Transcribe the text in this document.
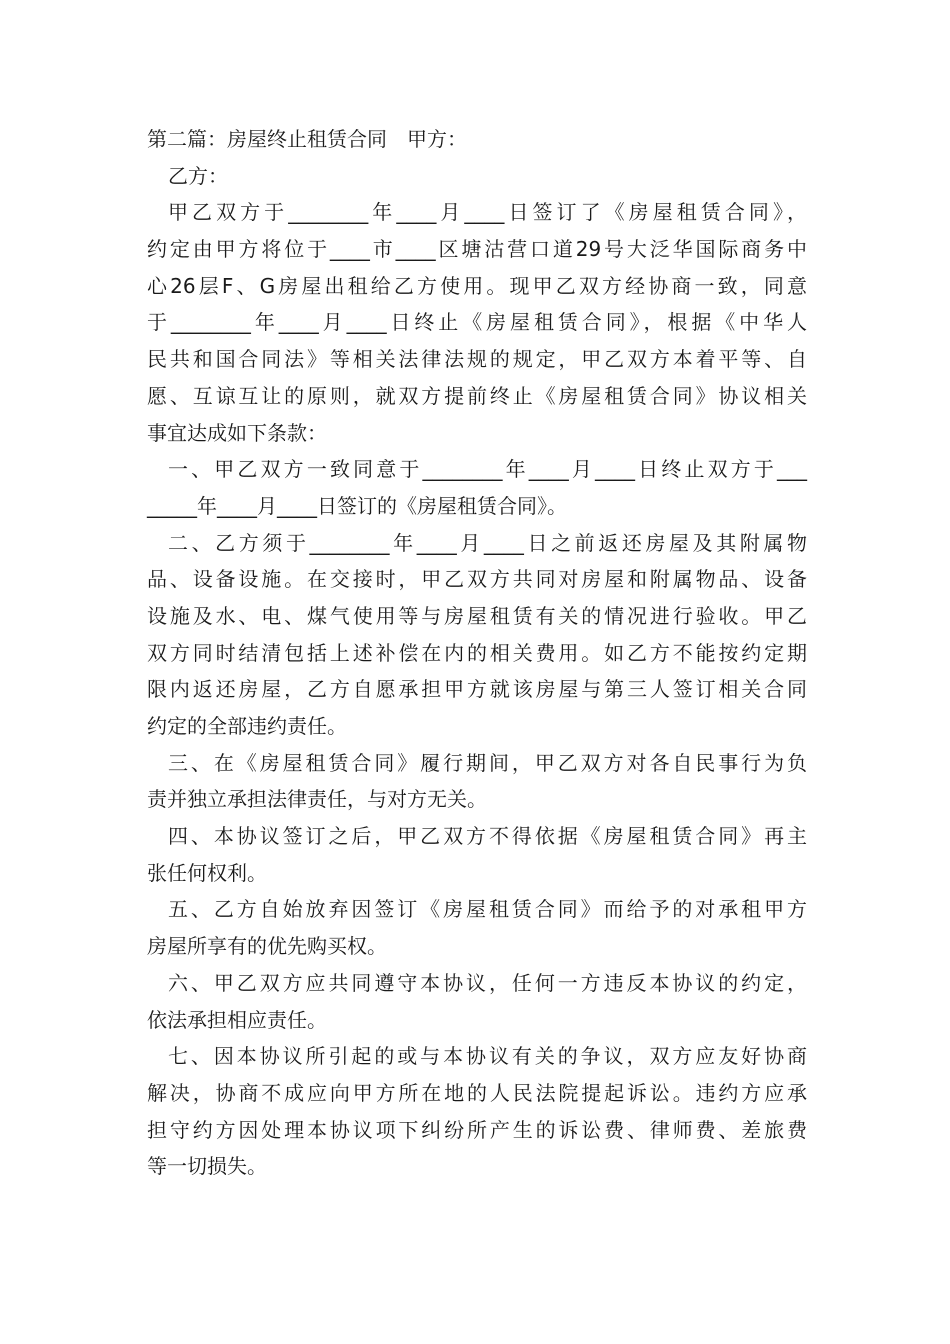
第二篇：房屋终止租赁合同　甲方：
乙方：
甲乙双方于________年____月____日签订了《房屋租赁合同》，
约定由甲方将位于____市____区塘沽营口道29号大泛华国际商务中
心26层F、G房屋出租给乙方使用。现甲乙双方经协商一致，同意
于________年____月____日终止《房屋租赁合同》，根据《中华人
民共和国合同法》等相关法律法规的规定，甲乙双方本着平等、自
愿、互谅互让的原则，就双方提前终止《房屋租赁合同》协议相关
事宜达成如下条款：
一、甲乙双方一致同意于________年____月____日终止双方于___
_____年____月____日签订的《房屋租赁合同》。
二、乙方须于________年____月____日之前返还房屋及其附属物
品、设备设施。在交接时，甲乙双方共同对房屋和附属物品、设备
设施及水、电、煤气使用等与房屋租赁有关的情况进行验收。甲乙
双方同时结清包括上述补偿在内的相关费用。如乙方不能按约定期
限内返还房屋，乙方自愿承担甲方就该房屋与第三人签订相关合同
约定的全部违约责任。
三、在《房屋租赁合同》履行期间，甲乙双方对各自民事行为负
责并独立承担法律责任，与对方无关。
四、本协议签订之后，甲乙双方不得依据《房屋租赁合同》再主
张任何权利。
五、乙方自始放弃因签订《房屋租赁合同》而给予的对承租甲方
房屋所享有的优先购买权。
六、甲乙双方应共同遵守本协议，任何一方违反本协议的约定，
依法承担相应责任。
七、因本协议所引起的或与本协议有关的争议，双方应友好协商
解决，协商不成应向甲方所在地的人民法院提起诉讼。违约方应承
担守约方因处理本协议项下纠纷所产生的诉讼费、律师费、差旅费
等一切损失。
